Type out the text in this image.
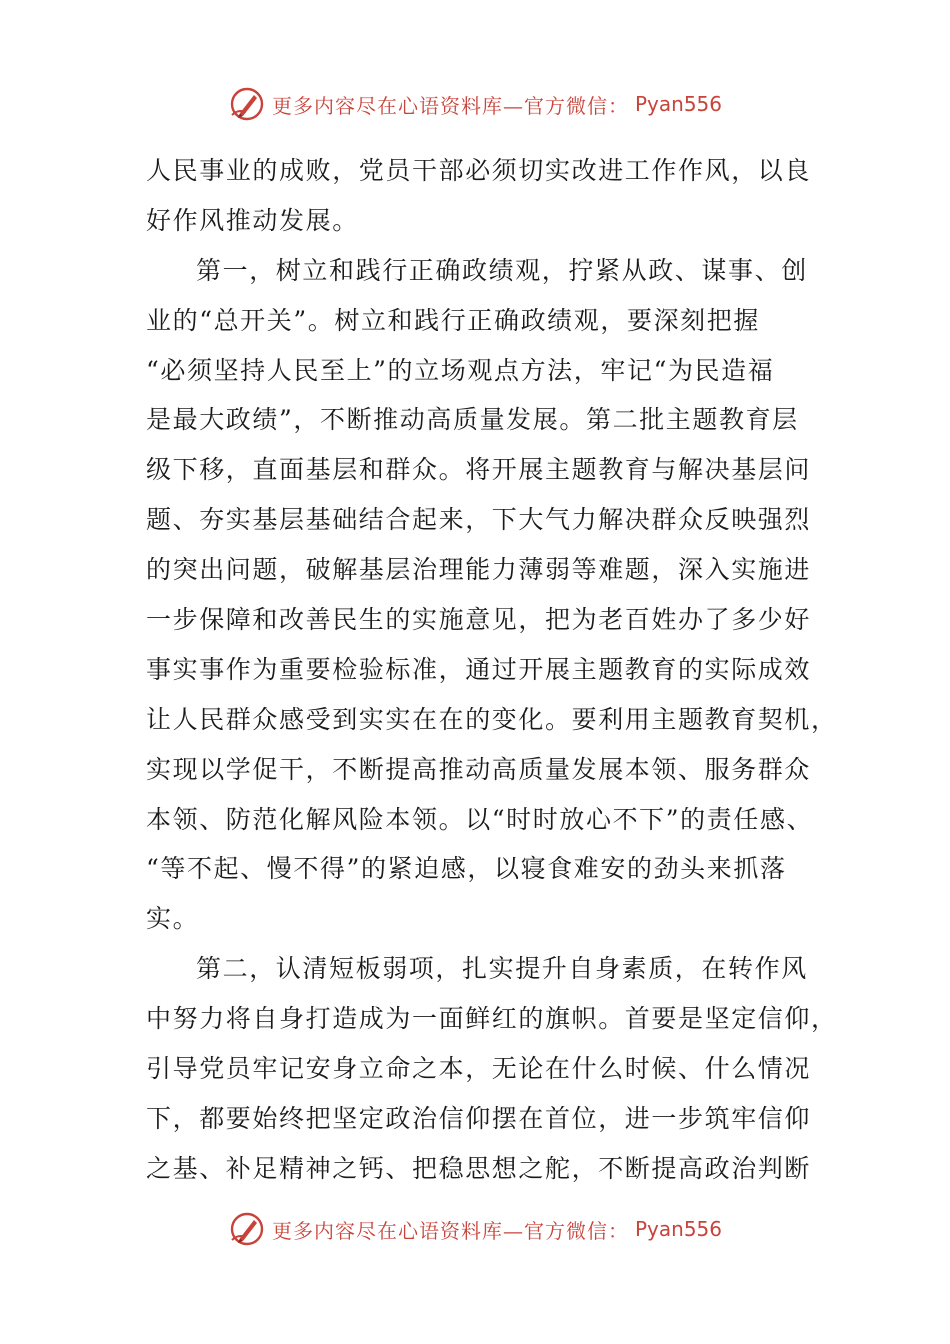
更多内容尽在心语资料库—官方微信： Pyan556
人民事业的成败，党员干部必须切实改进工作作风，以良
好作风推动发展。
第一，树立和践行正确政绩观，拧紧从政、谋事、创
业的“总开关”。树立和践行正确政绩观，要深刻把握
“必须坚持人民至上”的立场观点方法，牢记“为民造福
是最大政绩”，不断推动高质量发展。第二批主题教育层
级下移，直面基层和群众。将开展主题教育与解决基层问
题、夯实基层基础结合起来，下大气力解决群众反映强烈
的突出问题，破解基层治理能力薄弱等难题，深入实施进
一步保障和改善民生的实施意见，把为老百姓办了多少好
事实事作为重要检验标准，通过开展主题教育的实际成效
让人民群众感受到实实在在的变化。要利用主题教育契机，
实现以学促干，不断提高推动高质量发展本领、服务群众
本领、防范化解风险本领。以“时时放心不下”的责任感、
“等不起、慢不得”的紧迫感，以寝食难安的劲头来抓落
实。
第二，认清短板弱项，扎实提升自身素质，在转作风
中努力将自身打造成为一面鲜红的旗帜。首要是坚定信仰，
引导党员牢记安身立命之本，无论在什么时候、什么情况
下，都要始终把坚定政治信仰摆在首位，进一步筑牢信仰
之基、补足精神之钙、把稳思想之舵，不断提高政治判断
更多内容尽在心语资料库—官方微信： Pyan556
